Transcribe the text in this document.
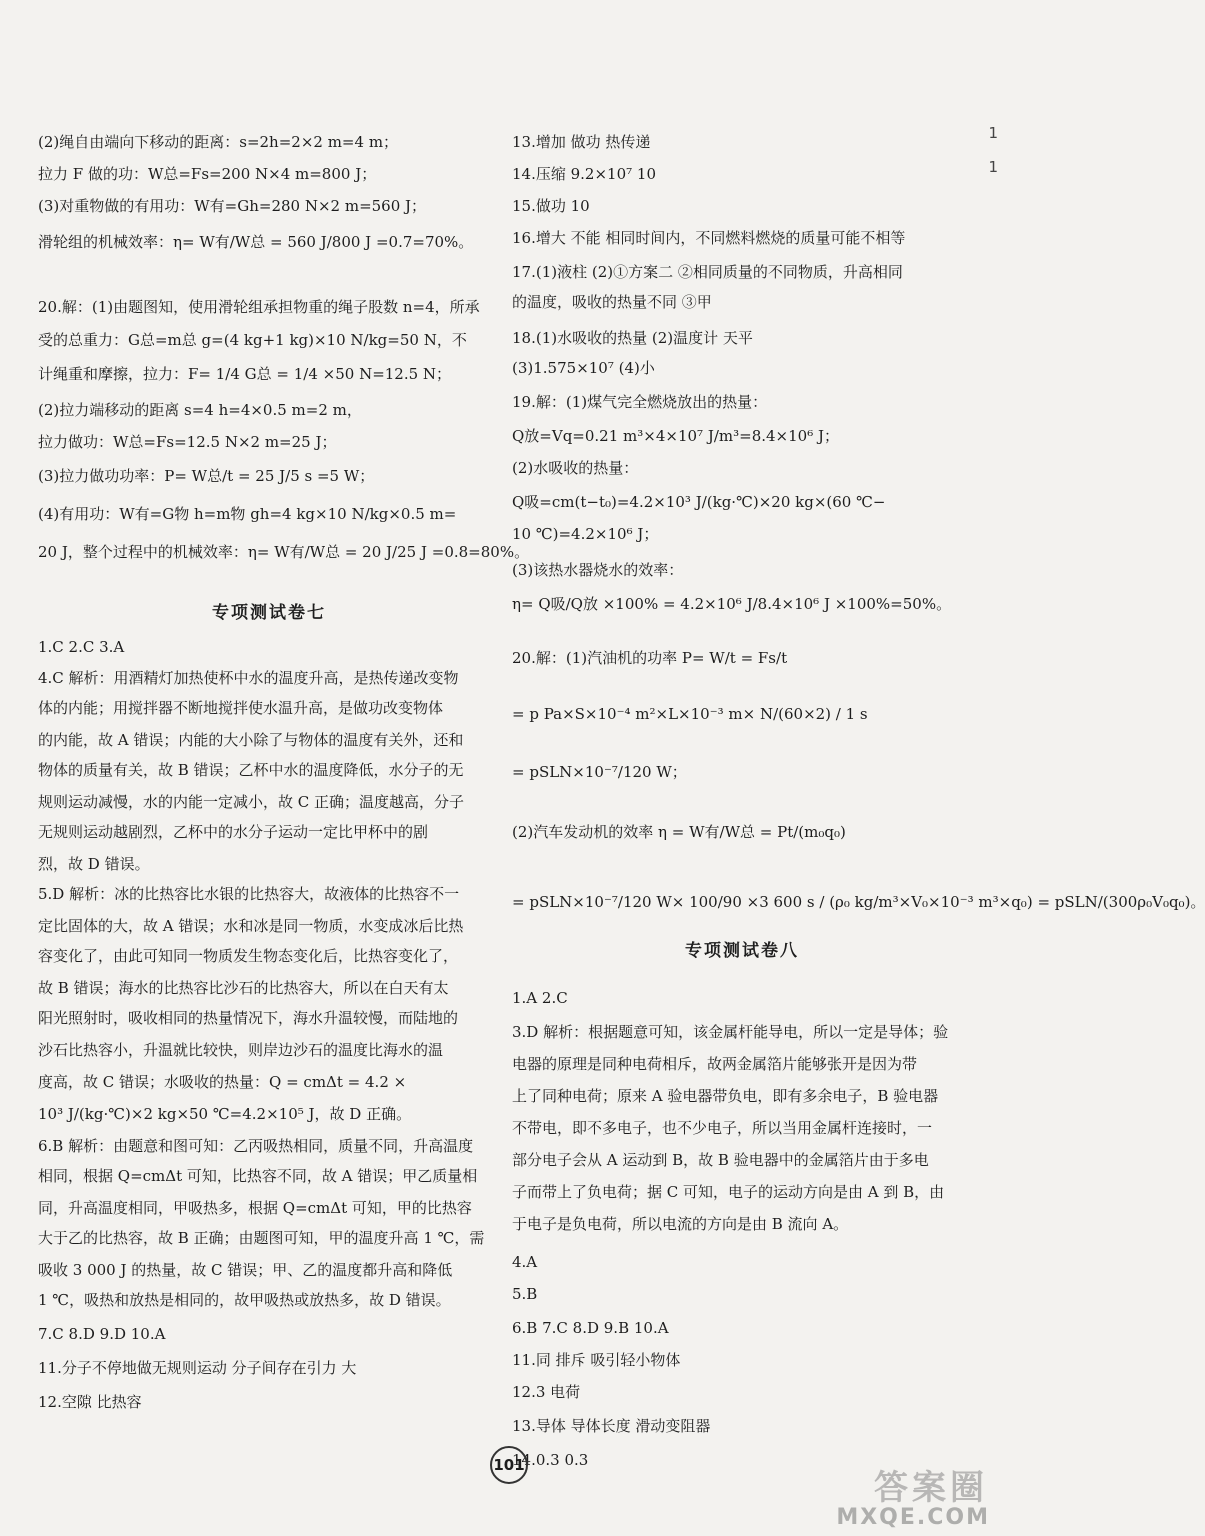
1
1
专项测试卷七
(2)绳自由端向下移动的距离：s=2h=2×2 m=4 m；
拉力 F 做的功：W总=Fs=200 N×4 m=800 J；
(3)对重物做的有用功：W有=Gh=280 N×2 m=560 J；
滑轮组的机械效率：η= W有/W总 = 560 J/800 J =0.7=70%。
20.解：(1)由题图知，使用滑轮组承担物重的绳子股数 n=4，所承
受的总重力：G总=m总 g=(4 kg+1 kg)×10 N/kg=50 N，不
计绳重和摩擦，拉力：F= 1/4 G总 = 1/4 ×50 N=12.5 N；
(2)拉力端移动的距离 s=4 h=4×0.5 m=2 m，
拉力做功：W总=Fs=12.5 N×2 m=25 J；
(3)拉力做功功率：P= W总/t = 25 J/5 s =5 W；
(4)有用功：W有=G物 h=m物 gh=4 kg×10 N/kg×0.5 m=
20 J，整个过程中的机械效率：η= W有/W总 = 20 J/25 J =0.8=80%。
1.C 2.C 3.A
4.C 解析：用酒精灯加热使杯中水的温度升高，是热传递改变物
体的内能；用搅拌器不断地搅拌使水温升高，是做功改变物体
的内能，故 A 错误；内能的大小除了与物体的温度有关外，还和
物体的质量有关，故 B 错误；乙杯中水的温度降低，水分子的无
规则运动减慢，水的内能一定减小，故 C 正确；温度越高，分子
无规则运动越剧烈，乙杯中的水分子运动一定比甲杯中的剧
烈，故 D 错误。
5.D 解析：冰的比热容比水银的比热容大，故液体的比热容不一
定比固体的大，故 A 错误；水和冰是同一物质，水变成冰后比热
容变化了，由此可知同一物质发生物态变化后，比热容变化了，
故 B 错误；海水的比热容比沙石的比热容大，所以在白天有太
阳光照射时，吸收相同的热量情况下，海水升温较慢，而陆地的
沙石比热容小，升温就比较快，则岸边沙石的温度比海水的温
度高，故 C 错误；水吸收的热量：Q = cmΔt = 4.2 ×
10³ J/(kg·℃)×2 kg×50 ℃=4.2×10⁵ J，故 D 正确。
6.B 解析：由题意和图可知：乙丙吸热相同，质量不同，升高温度
相同，根据 Q=cmΔt 可知，比热容不同，故 A 错误；甲乙质量相
同，升高温度相同，甲吸热多，根据 Q=cmΔt 可知，甲的比热容
大于乙的比热容，故 B 正确；由题图可知，甲的温度升高 1 ℃，需
吸收 3 000 J 的热量，故 C 错误；甲、乙的温度都升高和降低
1 ℃，吸热和放热是相同的，故甲吸热或放热多，故 D 错误。
7.C 8.D 9.D 10.A
11.分子不停地做无规则运动 分子间存在引力 大
12.空隙 比热容
专项测试卷八
13.增加 做功 热传递
14.压缩 9.2×10⁷ 10
15.做功 10
16.增大 不能 相同时间内，不同燃料燃烧的质量可能不相等
17.(1)液柱 (2)①方案二 ②相同质量的不同物质，升高相同
的温度，吸收的热量不同 ③甲
18.(1)水吸收的热量 (2)温度计 天平
(3)1.575×10⁷ (4)小
19.解：(1)煤气完全燃烧放出的热量：
Q放=Vq=0.21 m³×4×10⁷ J/m³=8.4×10⁶ J；
(2)水吸收的热量：
Q吸=cm(t−t₀)=4.2×10³ J/(kg·℃)×20 kg×(60 ℃−
10 ℃)=4.2×10⁶ J；
(3)该热水器烧水的效率：
η= Q吸/Q放 ×100% = 4.2×10⁶ J/8.4×10⁶ J ×100%=50%。
20.解：(1)汽油机的功率 P= W/t = Fs/t
= p Pa×S×10⁻⁴ m²×L×10⁻³ m× N/(60×2) / 1 s
= pSLN×10⁻⁷/120 W；
(2)汽车发动机的效率 η = W有/W总 = Pt/(m₀q₀)
= pSLN×10⁻⁷/120 W× 100/90 ×3 600 s / (ρ₀ kg/m³×V₀×10⁻³ m³×q₀) = pSLN/(300ρ₀V₀q₀)。
1.A 2.C
3.D 解析：根据题意可知，该金属杆能导电，所以一定是导体；验
电器的原理是同种电荷相斥，故两金属箔片能够张开是因为带
上了同种电荷；原来 A 验电器带负电，即有多余电子，B 验电器
不带电，即不多电子，也不少电子，所以当用金属杆连接时，一
部分电子会从 A 运动到 B，故 B 验电器中的金属箔片由于多电
子而带上了负电荷；据 C 可知，电子的运动方向是由 A 到 B，由
于电子是负电荷，所以电流的方向是由 B 流向 A。
4.A
5.B
6.B 7.C 8.D 9.B 10.A
11.同 排斥 吸引轻小物体
12.3 电荷
13.导体 导体长度 滑动变阻器
14.0.3 0.3
101
答案圈
MXQE.COM
